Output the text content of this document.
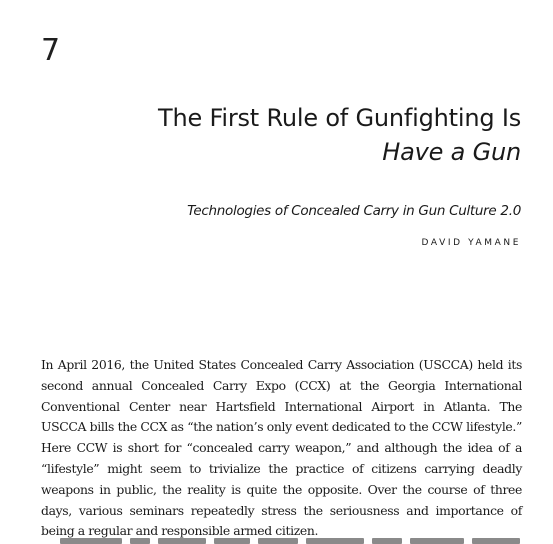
7
The First Rule of Gunfighting Is
Have a Gun

Technologies of Concealed Carry in Gun Culture 2.0

DAVID YAMANE

In April 2016, the United States Concealed Carry Association (USCCA) held its second annual Concealed Carry Expo (CCX) at the Georgia International Conventional Center near Hartsfield International Airport in Atlanta. The USCCA bills the CCX as “the nation’s only event dedicated to the CCW lifestyle.” Here CCW is short for “concealed carry weapon,” and although the idea of a “lifestyle” might seem to trivialize the practice of citizens carrying deadly weapons in public, the reality is quite the opposite. Over the course of three days, various seminars repeatedly stress the seriousness and importance of being a regular and responsible armed citizen.
